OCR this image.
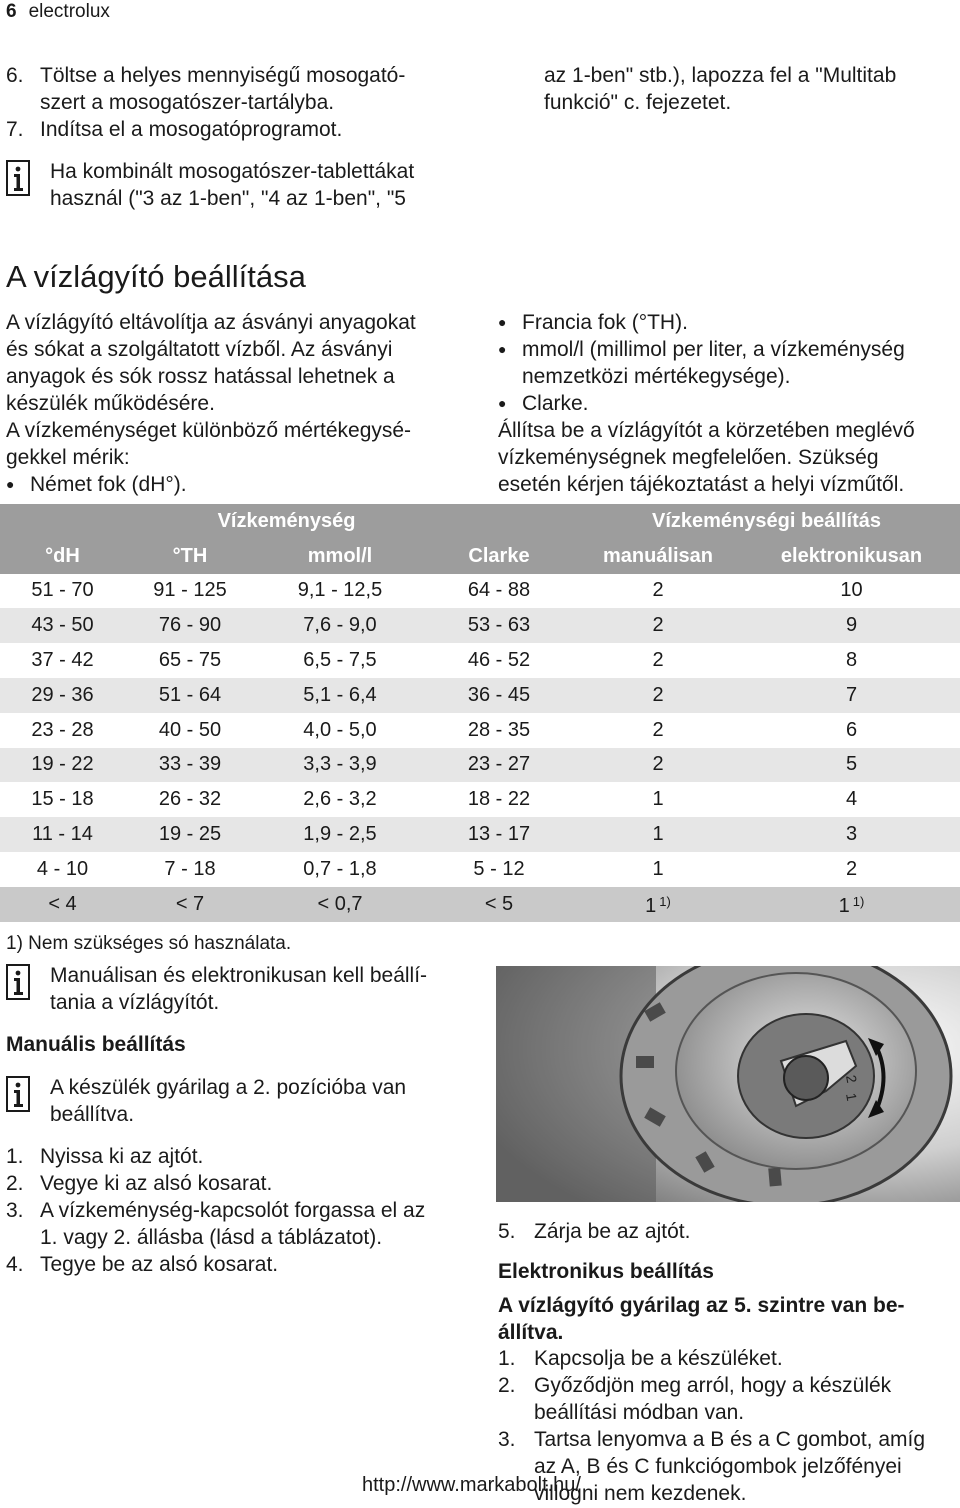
6 electrolux
6. Töltse a helyes mennyiségű mosogató-
szert a mosogatószer-tartályba.
7. Indítsa el a mosogatóprogramot.
az 1-ben" stb.), lapozza fel a "Multitab
funkció" c. fejezetet.
Ha kombinált mosogatószer-tablettákat
használ ("3 az 1-ben", "4 az 1-ben", "5
A vízlágyító beállítása
A vízlágyító eltávolítja az ásványi anyagokat
és sókat a szolgáltatott vízből. Az ásványi
anyagok és sók rossz hatással lehetnek a
készülék működésére.
A vízkeménységet különböző mértékegysé-
gekkel mérik:
● Német fok (dH°).
● Francia fok (°TH).
● mmol/l (millimol per liter, a vízkeménység
nemzetközi mértékegysége).
● Clarke.
Állítsa be a vízlágyítót a körzetében meglévő
vízkeménységnek megfelelően. Szükség
esetén kérjen tájékoztatást a helyi vízműtől.
Vízkeménység				Vízkeménységi beállítás	
°dH	°TH	mmol/l	Clarke	manuálisan	elektronikusan
51 - 70	91 - 125	9,1 - 12,5	64 - 88	2	10
43 - 50	76 - 90	7,6 - 9,0	53 - 63	2	9
37 - 42	65 - 75	6,5 - 7,5	46 - 52	2	8
29 - 36	51 - 64	5,1 - 6,4	36 - 45	2	7
23 - 28	40 - 50	4,0 - 5,0	28 - 35	2	6
19 - 22	33 - 39	3,3 - 3,9	23 - 27	2	5
15 - 18	26 - 32	2,6 - 3,2	18 - 22	1	4
11 - 14	19 - 25	1,9 - 2,5	13 - 17	1	3
4 - 10	7 - 18	0,7 - 1,8	5 - 12	1	2
< 4	< 7	< 0,7	< 5	1 $^{1)}$	1 $^{1)}$
1) Nem szükséges só használata.
Manuálisan és elektronikusan kell beállí-
tania a vízlágyítót.
Manuális beállítás
A készülék gyárilag a 2. pozícióba van
beállítva.
1. Nyissa ki az ajtót.
2. Vegye ki az alsó kosarat.
3. A vízkeménység-kapcsolót forgassa el az
1. vagy 2. állásba (lásd a táblázatot).
4. Tegye be az alsó kosarat.
2
1
5. Zárja be az ajtót.
Elektronikus beállítás
A vízlágyító gyárilag az 5. szintre van be-
állítva.
1. Kapcsolja be a készüléket.
2. Győződjön meg arról, hogy a készülék
beállítási módban van.
3. Tartsa lenyomva a B és a C gombot, amíg
az A, B és C funkciógombok jelzőfényei
villogni nem kezdenek.
http://www.markabolt.hu/
